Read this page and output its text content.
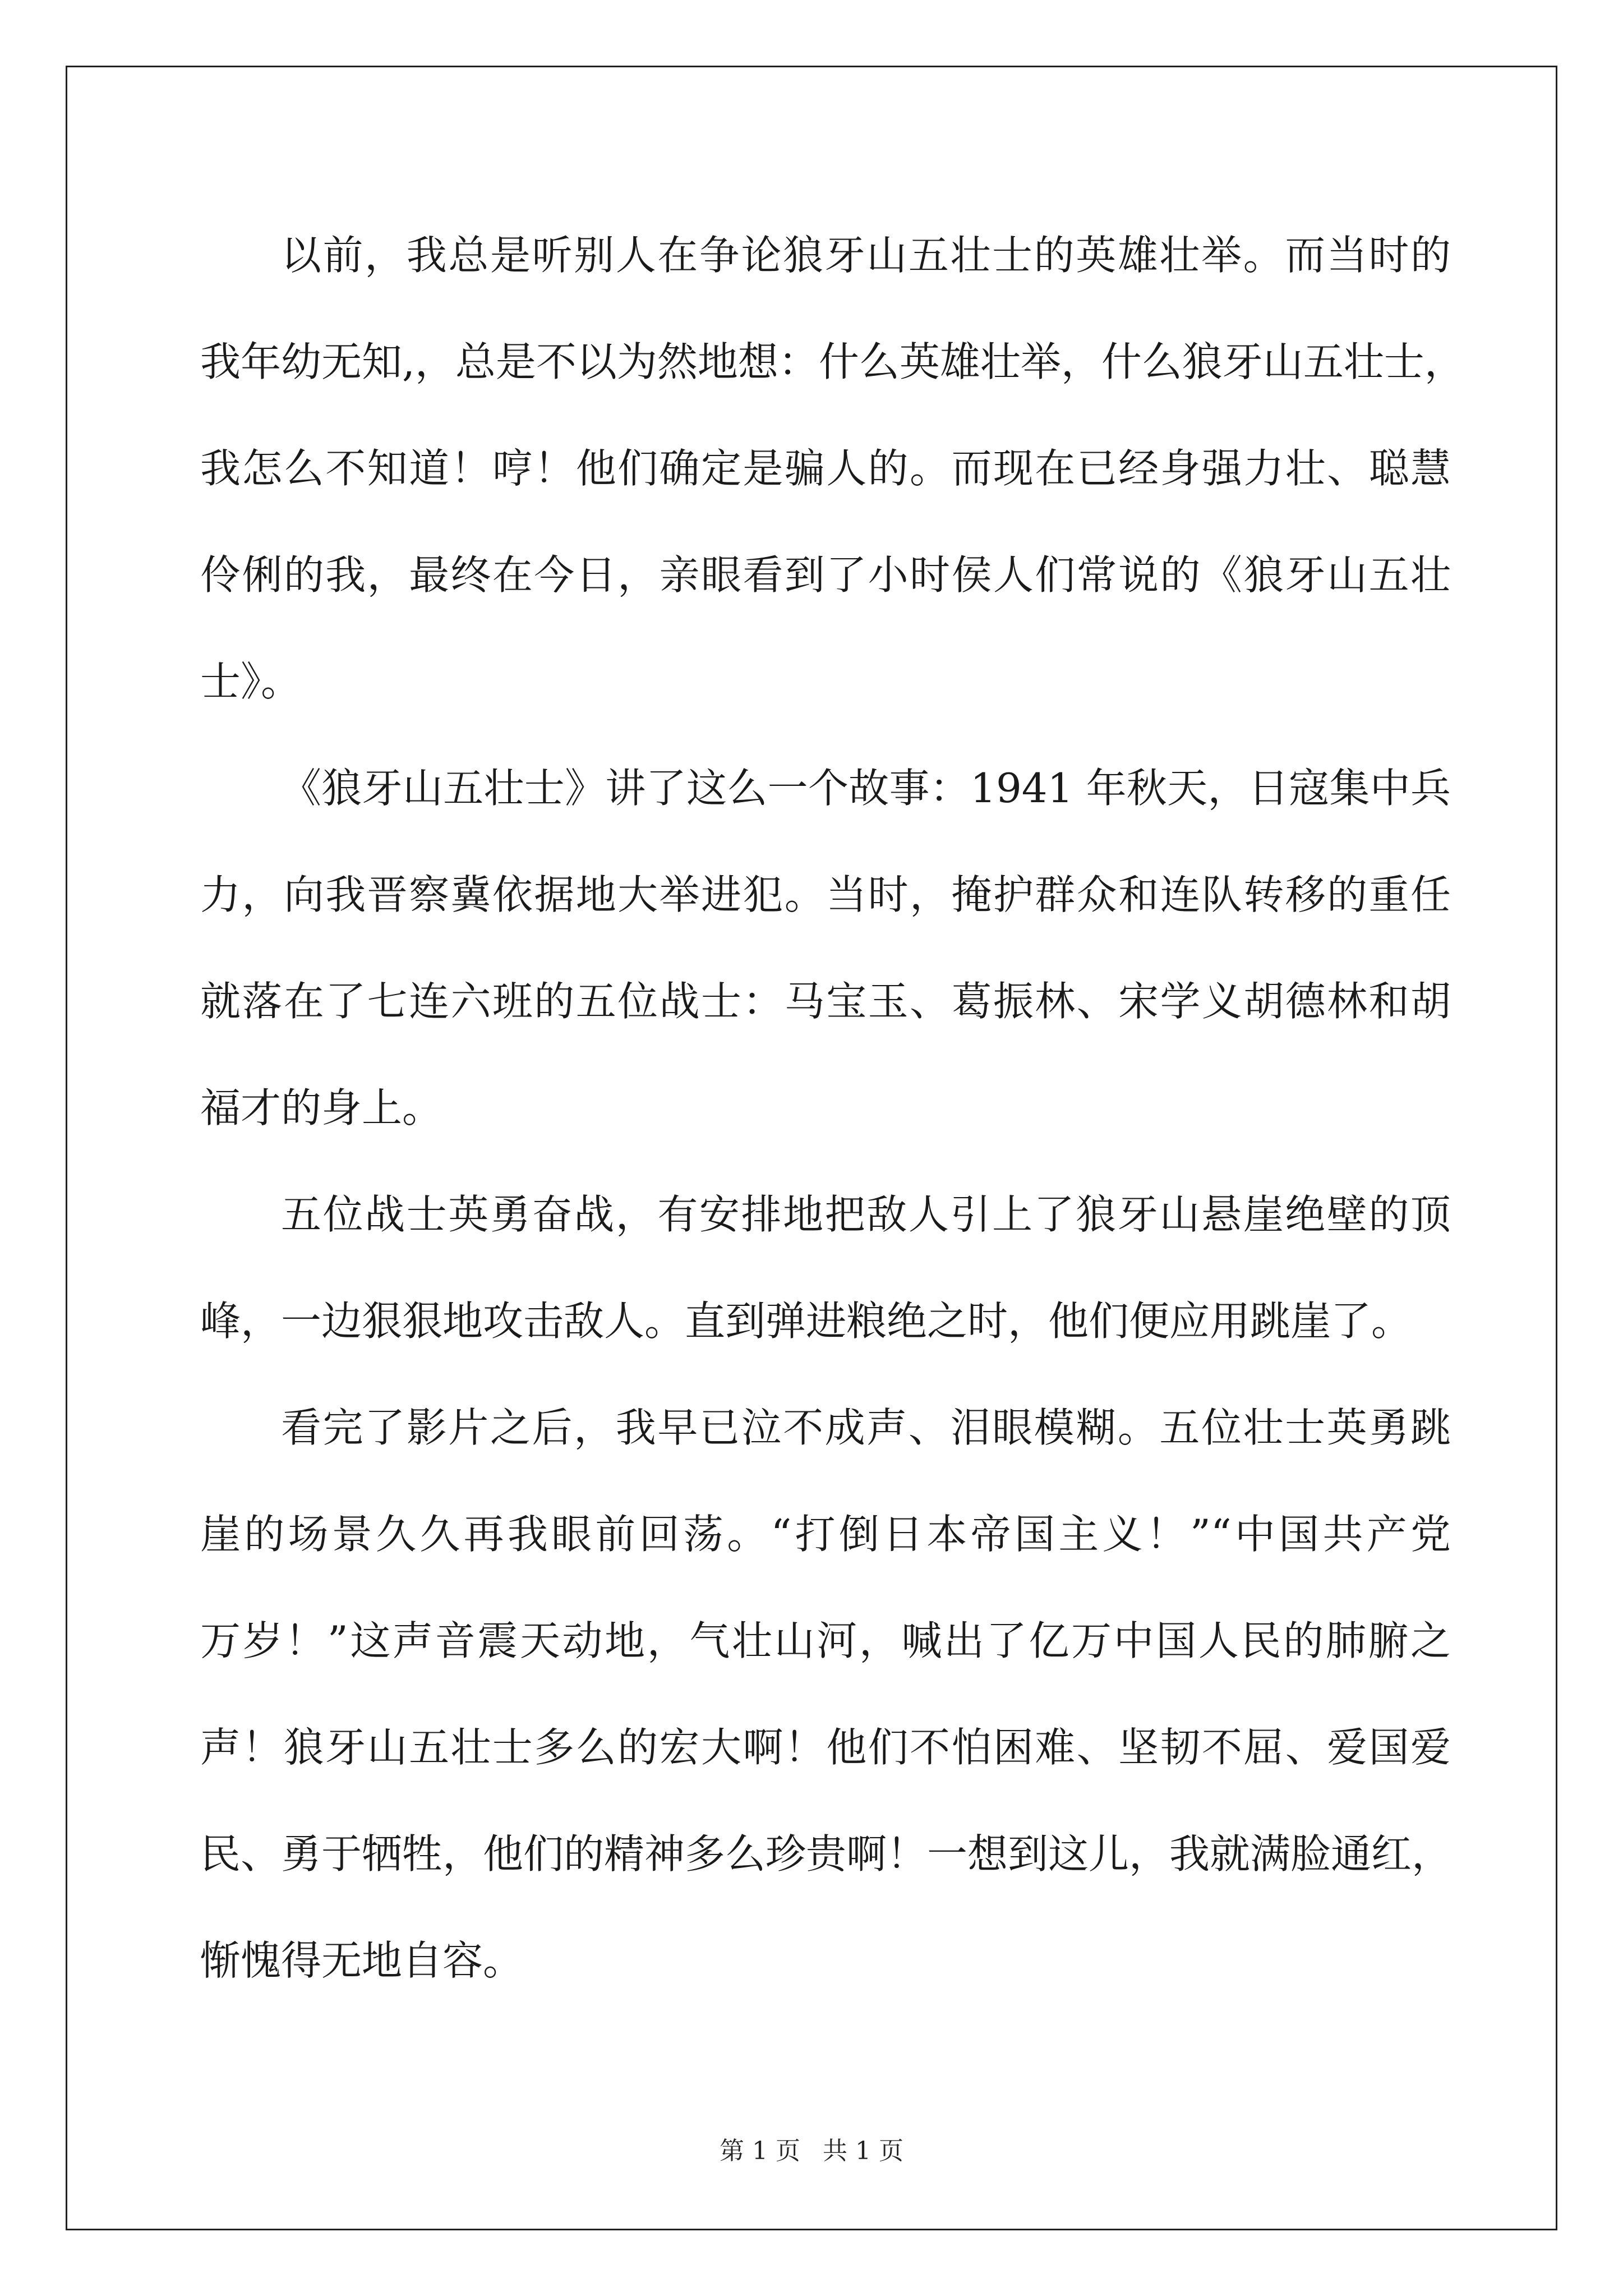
以前，我总是听别人在争论狼牙山五壮士的英雄壮举。而当时的
我年幼无知,，总是不以为然地想：什么英雄壮举，什么狼牙山五壮士，
我怎么不知道！哼！他们确定是骗人的。而现在已经身强力壮、聪慧
伶俐的我，最终在今日，亲眼看到了小时侯人们常说的《狼牙山五壮
士》。
《狼牙山五壮士》讲了这么一个故事：1941 年秋天，日寇集中兵
力，向我晋察冀依据地大举进犯。当时，掩护群众和连队转移的重任
就落在了七连六班的五位战士：马宝玉、葛振林、宋学义胡德林和胡
福才的身上。
五位战士英勇奋战，有安排地把敌人引上了狼牙山悬崖绝壁的顶
峰，一边狠狠地攻击敌人。直到弹进粮绝之时，他们便应用跳崖了。
看完了影片之后，我早已泣不成声、泪眼模糊。五位壮士英勇跳
崖的场景久久再我眼前回荡。“打倒日本帝国主义！”“中国共产党
万岁！”这声音震天动地，气壮山河，喊出了亿万中国人民的肺腑之
声！狼牙山五壮士多么的宏大啊！他们不怕困难、坚韧不屈、爱国爱
民、勇于牺牲，他们的精神多么珍贵啊！一想到这儿，我就满脸通红，
惭愧得无地自容。
第 1 页 共 1 页
